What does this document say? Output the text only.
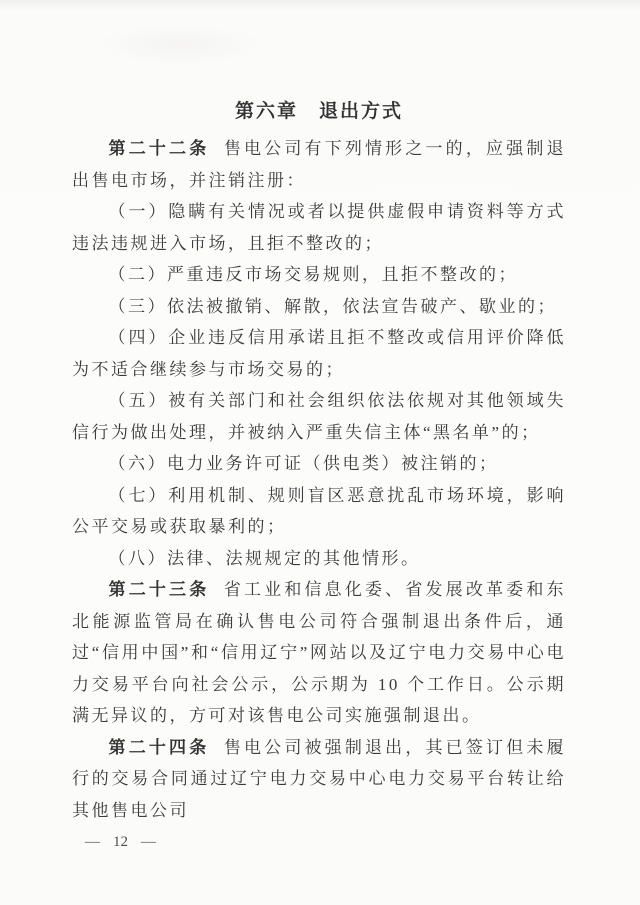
第六章　退出方式

第二十二条 售电公司有下列情形之一的，应强制退出售电市场，并注销注册：

（一）隐瞒有关情况或者以提供虚假申请资料等方式违法违规进入市场，且拒不整改的；

（二）严重违反市场交易规则，且拒不整改的；

（三）依法被撤销、解散，依法宣告破产、歇业的；

（四）企业违反信用承诺且拒不整改或信用评价降低为不适合继续参与市场交易的；

（五）被有关部门和社会组织依法依规对其他领域失信行为做出处理，并被纳入严重失信主体“黑名单”的；

（六）电力业务许可证（供电类）被注销的；

（七）利用机制、规则盲区恶意扰乱市场环境，影响公平交易或获取暴利的；

（八）法律、法规规定的其他情形。

第二十三条 省工业和信息化委、省发展改革委和东北能源监管局在确认售电公司符合强制退出条件后，通过“信用中国”和“信用辽宁”网站以及辽宁电力交易中心电力交易平台向社会公示，公示期为 10 个工作日。公示期满无异议的，方可对该售电公司实施强制退出。

第二十四条 售电公司被强制退出，其已签订但未履行的交易合同通过辽宁电力交易中心电力交易平台转让给其他售电公司

— 12 —
